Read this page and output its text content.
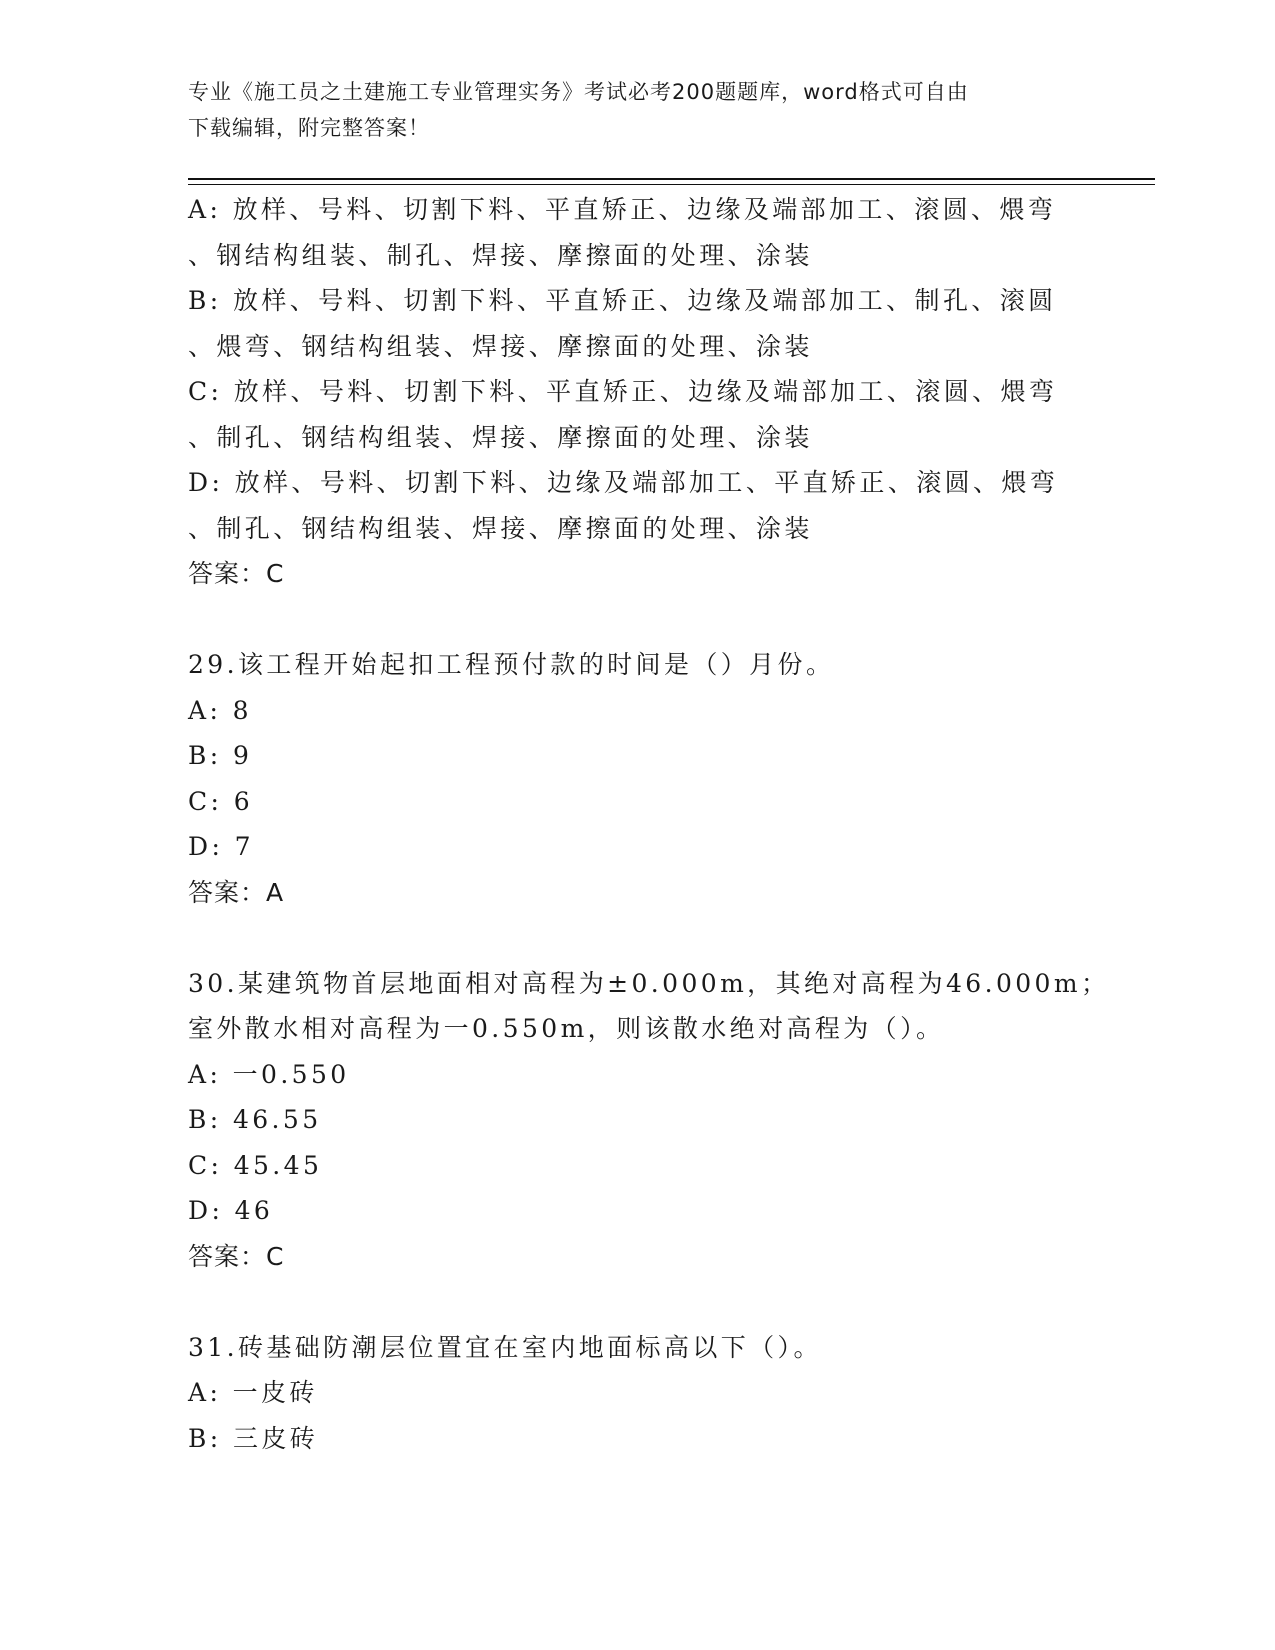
专业《施工员之土建施工专业管理实务》考试必考200题题库，word格式可自由
下载编辑，附完整答案！
A: 放样、号料、切割下料、平直矫正、边缘及端部加工、滚圆、煨弯
、钢结构组装、制孔、焊接、摩擦面的处理、涂装
B: 放样、号料、切割下料、平直矫正、边缘及端部加工、制孔、滚圆
、煨弯、钢结构组装、焊接、摩擦面的处理、涂装
C: 放样、号料、切割下料、平直矫正、边缘及端部加工、滚圆、煨弯
、制孔、钢结构组装、焊接、摩擦面的处理、涂装
D: 放样、号料、切割下料、边缘及端部加工、平直矫正、滚圆、煨弯
、制孔、钢结构组装、焊接、摩擦面的处理、涂装
答案：C
29.该工程开始起扣工程预付款的时间是（）月份。
A: 8
B: 9
C: 6
D: 7
答案：A
30.某建筑物首层地面相对高程为±0.000m，其绝对高程为46.000m；
室外散水相对高程为一0.550m，则该散水绝对高程为（）。
A: 一0.550
B: 46.55
C: 45.45
D: 46
答案：C
31.砖基础防潮层位置宜在室内地面标高以下（）。
A: 一皮砖
B: 三皮砖
